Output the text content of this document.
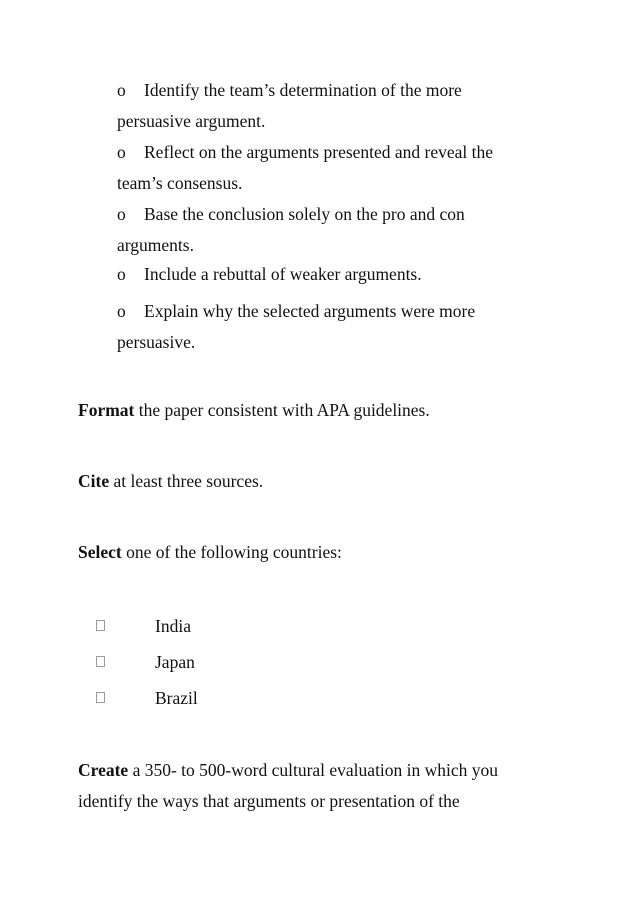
o Identify the team’s determination of the more
persuasive argument.
o Reflect on the arguments presented and reveal the
team’s consensus.
o Base the conclusion solely on the pro and con
arguments.
o Include a rebuttal of weaker arguments.
o Explain why the selected arguments were more
persuasive.
Format the paper consistent with APA guidelines.
Cite at least three sources.
Select one of the following countries:
India
Japan
Brazil
Create a 350- to 500-word cultural evaluation in which you
identify the ways that arguments or presentation of the
